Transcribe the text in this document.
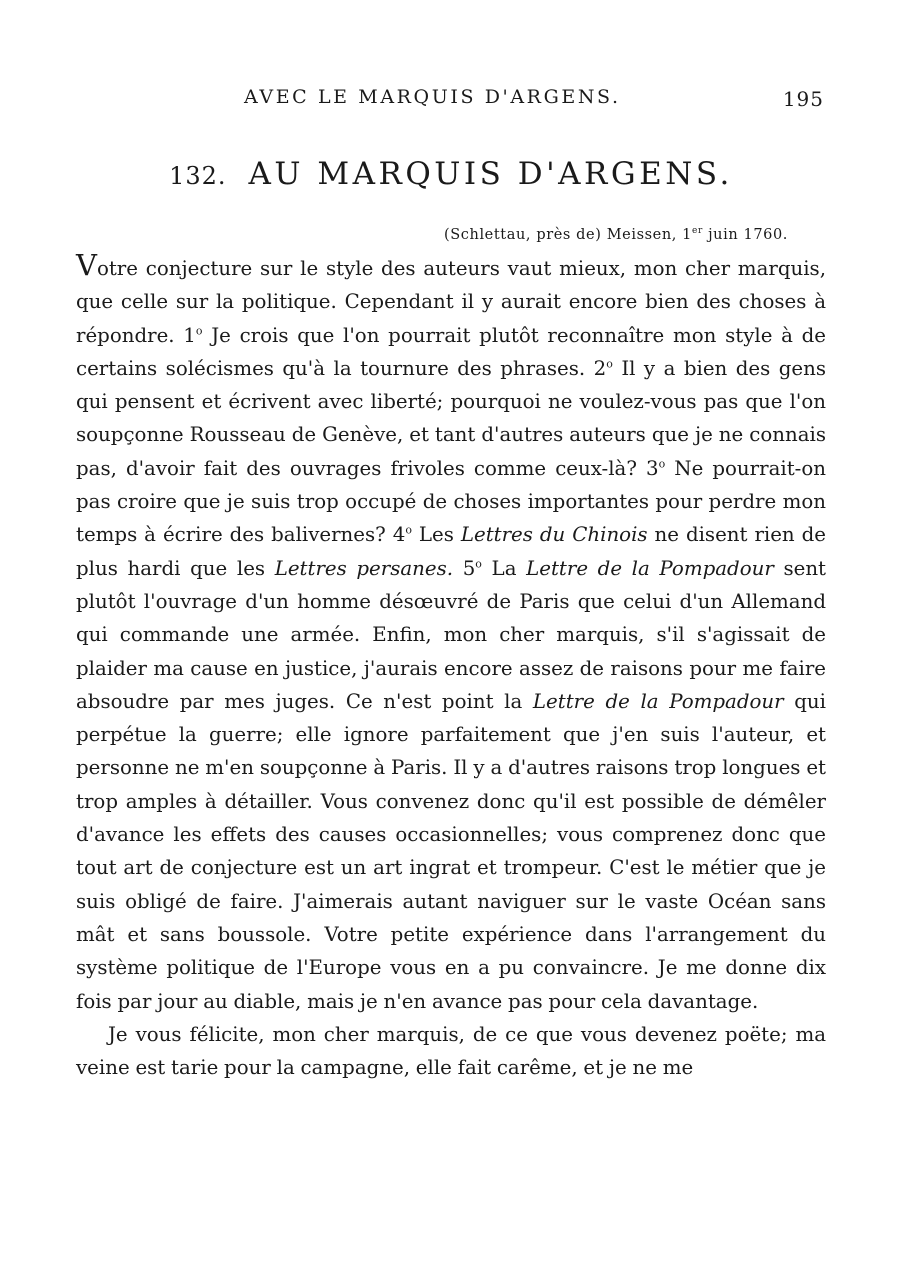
AVEC LE MARQUIS D'ARGENS.	195
132. AU MARQUIS D'ARGENS.
(Schlettau, près de) Meissen, 1er juin 1760.

Votre conjecture sur le style des auteurs vaut mieux, mon cher marquis, que celle sur la politique. Cependant il y aurait encore bien des choses à répondre. 1$^o$ Je crois que l'on pourrait plutôt reconnaître mon style à de certains solécismes qu'à la tournure des phrases. 2$^o$ Il y a bien des gens qui pensent et écrivent avec liberté; pourquoi ne voulez-vous pas que l'on soupçonne Rousseau de Genève, et tant d'autres auteurs que je ne connais pas, d'avoir fait des ouvrages frivoles comme ceux-là? 3$^o$ Ne pourrait-on pas croire que je suis trop occupé de choses importantes pour perdre mon temps à écrire des balivernes? 4$^o$ Les Lettres du Chinois ne disent rien de plus hardi que les Lettres persanes. 5$^o$ La Lettre de la Pompadour sent plutôt l'ouvrage d'un homme désœuvré de Paris que celui d'un Allemand qui commande une armée. Enfin, mon cher marquis, s'il s'agissait de plaider ma cause en justice, j'aurais encore assez de raisons pour me faire absoudre par mes juges. Ce n'est point la Lettre de la Pompadour qui perpétue la guerre; elle ignore parfaitement que j'en suis l'auteur, et personne ne m'en soupçonne à Paris. Il y a d'autres raisons trop longues et trop amples à détailler. Vous convenez donc qu'il est possible de démêler d'avance les effets des causes occasionnelles; vous comprenez donc que tout art de conjecture est un art ingrat et trompeur. C'est le métier que je suis obligé de faire. J'aimerais autant naviguer sur le vaste Océan sans mât et sans boussole. Votre petite expérience dans l'arrangement du système politique de l'Europe vous en a pu convaincre. Je me donne dix fois par jour au diable, mais je n'en avance pas pour cela davantage.

Je vous félicite, mon cher marquis, de ce que vous devenez poëte; ma veine est tarie pour la campagne, elle fait carême, et je ne me
